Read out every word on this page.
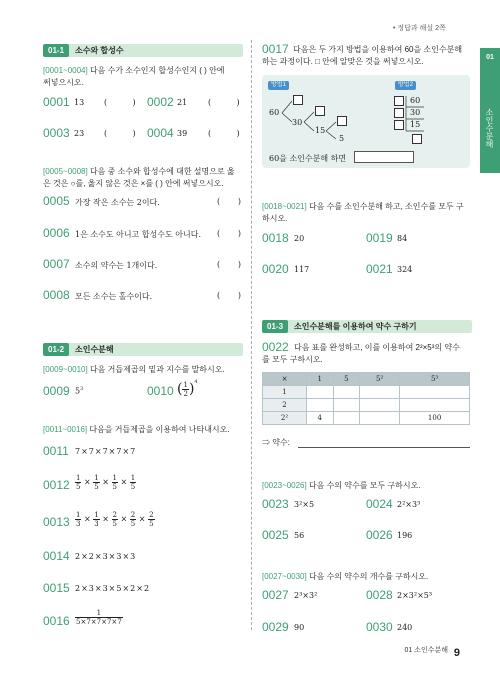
• 정답과 해설 2쪽
01
소인수분해
01-1	소수와 합성수
[0001~0004] 다음 수가 소수인지 합성수인지 ( ) 안에
써넣으시오.
0001 13 (          ) 0002 21	(          )
0003 23 (          ) 0004 39	(          )
[0005~0008] 다음 중 소수와 합성수에 대한 설명으로 옳
은 것은 ○를, 옳지 않은 것은 ×를 ( ) 안에 써넣으시오.
0005 가장 작은 소수는 2이다.	(       )
0006 1은 소수도 아니고 합성수도 아니다. (       )
0007 소수의 약수는 1개이다.	(       )
0008 모든 소수는 홀수이다.	(       )
01-2	소인수분해
[0009~0010] 다음 거듭제곱의 밑과 지수를 말하시오.
0009 $5^3$	0010 ( $\frac{1}{2} )^4$
[0011~0016] 다음을 거듭제곱을 이용하여 나타내시오.
0011 7×7×7×7×7
$0012 \frac{1}{5} \times \frac{1}{5} \times \frac{1}{5} \times \frac{1}{5}$
$0013 \frac{1}{3} \times \frac{1}{3} \times \frac{2}{5} \times \frac{2}{5} \times \frac{2}{5}$
0014 2×2×3×3×3
0015 2×3×3×5×2×2
$0016 \frac{1}{5\times 7\times 7\times 7\times 7}$
0017 다음은 두 가지 방법을 이용하여 60을 소인수분해
하는 과정이다. □ 안에 알맞은 것을 써넣으시오.
방법1	방법2
60
30
15
5
60
30
15
60을 소인수분해 하면
[0018~0021] 다음 수를 소인수분해 하고, 소인수를 모두 구
하시오.
0018 20	0019 84
0020 117	0021 324
01-3	소인수분해를 이용하여 약수 구하기
0022 다음 표를 완성하고, 이를 이용하여 2²×5³의 약수
를 모두 구하시오.
×	1	5	5²	5³
1				
2				
2²	4			100
⇒ 약수:
[0023~0026] 다음 수의 약수를 모두 구하시오.
0023 3²×5	0024 2²×3³
0025 56	0026 196
[0027~0030] 다음 수의 약수의 개수를 구하시오.
0027 2³×3²	0028 2×3²×5³
0029 90	0030 240
01 소인수분해 9
